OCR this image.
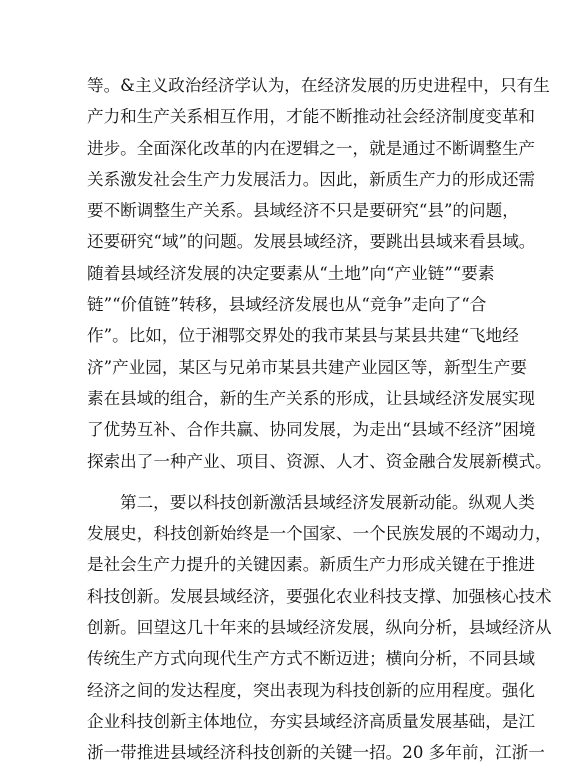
等。&主义政治经济学认为，在经济发展的历史进程中，只有生
产力和生产关系相互作用，才能不断推动社会经济制度变革和
进步。全面深化改革的内在逻辑之一，就是通过不断调整生产
关系激发社会生产力发展活力。因此，新质生产力的形成还需
要不断调整生产关系。县域经济不只是要研究“县”的问题，
还要研究“域”的问题。发展县域经济，要跳出县域来看县域。
随着县域经济发展的决定要素从“土地”向“产业链”“要素
链”“价值链”转移，县域经济发展也从“竞争”走向了“合
作”。比如，位于湘鄂交界处的我市某县与某县共建“飞地经
济”产业园，某区与兄弟市某县共建产业园区等，新型生产要
素在县域的组合，新的生产关系的形成，让县域经济发展实现
了优势互补、合作共赢、协同发展，为走出“县域不经济”困境
探索出了一种产业、项目、资源、人才、资金融合发展新模式。
第二，要以科技创新激活县域经济发展新动能。纵观人类
发展史，科技创新始终是一个国家、一个民族发展的不竭动力，
是社会生产力提升的关键因素。新质生产力形成关键在于推进
科技创新。发展县域经济，要强化农业科技支撑、加强核心技术
创新。回望这几十年来的县域经济发展，纵向分析，县域经济从
传统生产方式向现代生产方式不断迈进；横向分析，不同县域
经济之间的发达程度，突出表现为科技创新的应用程度。强化
企业科技创新主体地位，夯实县域经济高质量发展基础，是江
浙一带推进县域经济科技创新的关键一招。20 多年前，江浙一
